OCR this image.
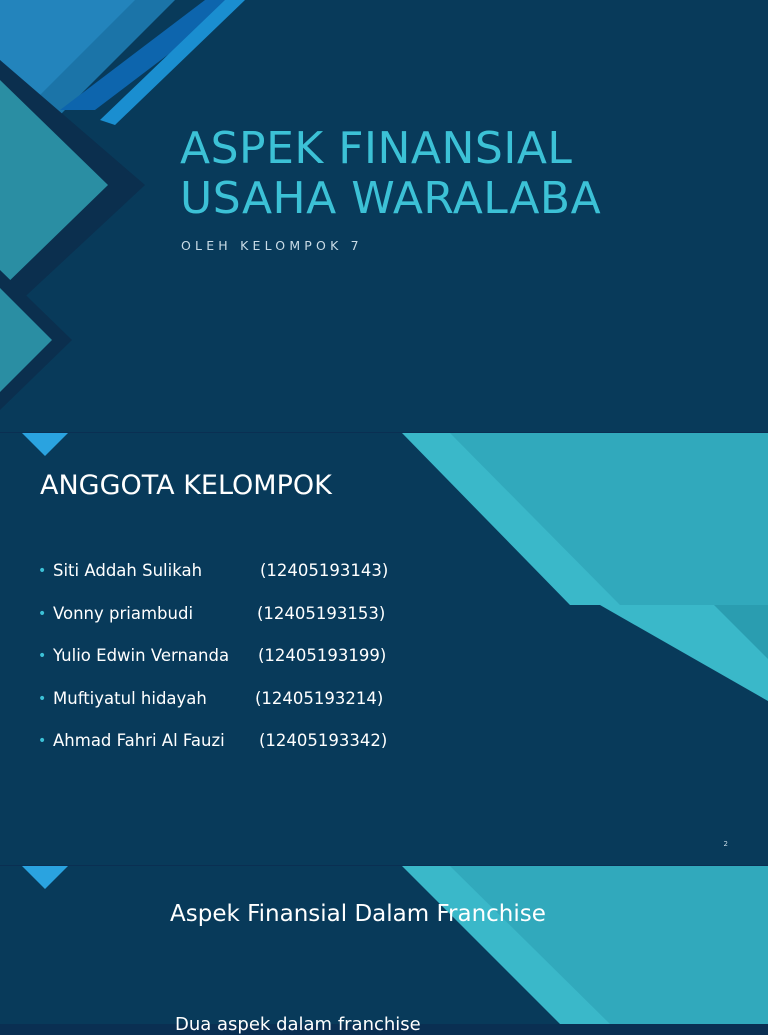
ASPEK FINANSIAL
USAHA WARALABA
OLEH KELOMPOK 7
ANGGOTA KELOMPOK
• Siti Addah Sulikah	(12405193143)
• Vonny priambudi	(12405193153)
• Yulio Edwin Vernanda	(12405193199)
• Muftiyatul hidayah	(12405193214)
• Ahmad Fahri Al Fauzi	(12405193342)
2
Aspek Finansial Dalam Franchise
Dua aspek dalam franchise
